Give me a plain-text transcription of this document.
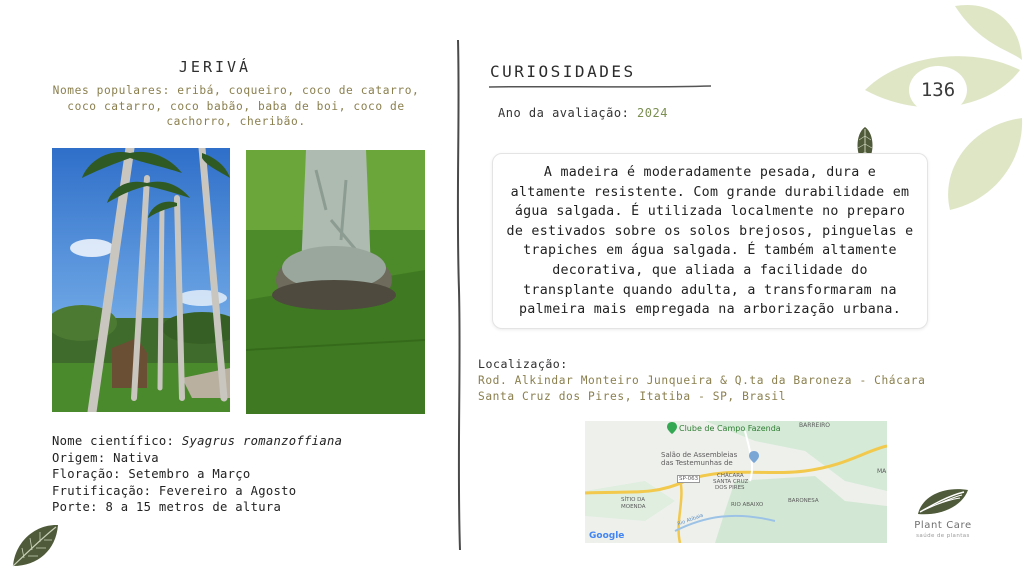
136
JERIVÁ
Nomes populares: eribá, coqueiro, coco de catarro, coco catarro, coco babão, baba de boi, coco de cachorro, cheribão.
Nome científico: Syagrus romanzoffiana
Origem: Nativa
Floração: Setembro a Março
Frutificação: Fevereiro a Agosto
Porte: 8 a 15 metros de altura
CURIOSIDADES
Ano da avaliação: 2024
A madeira é moderadamente pesada, dura e altamente resistente. Com grande durabilidade em água salgada. É utilizada localmente no preparo de estivados sobre os solos brejosos, pinguelas e trapiches em água salgada. É também altamente decorativa, que aliada a facilidade do transplante quando adulta, a transformaram na palmeira mais empregada na arborização urbana.
Localização:
Rod. Alkindar Monteiro Junqueira & Q.ta da Baroneza - Chácara Santa Cruz dos Pires, Itatiba - SP, Brasil
Clube de Campo Fazenda	BARREIRO
Salão de Assembleias
das Testemunhas de
SP-063	CHÁCARA
SANTA CRUZ
DOS PIRES
SÍTIO DA
MOENDA
BARONESA
RIO ABAIXO
Rio Atibaia
MA
Google
Plant Care
saúde de plantas
